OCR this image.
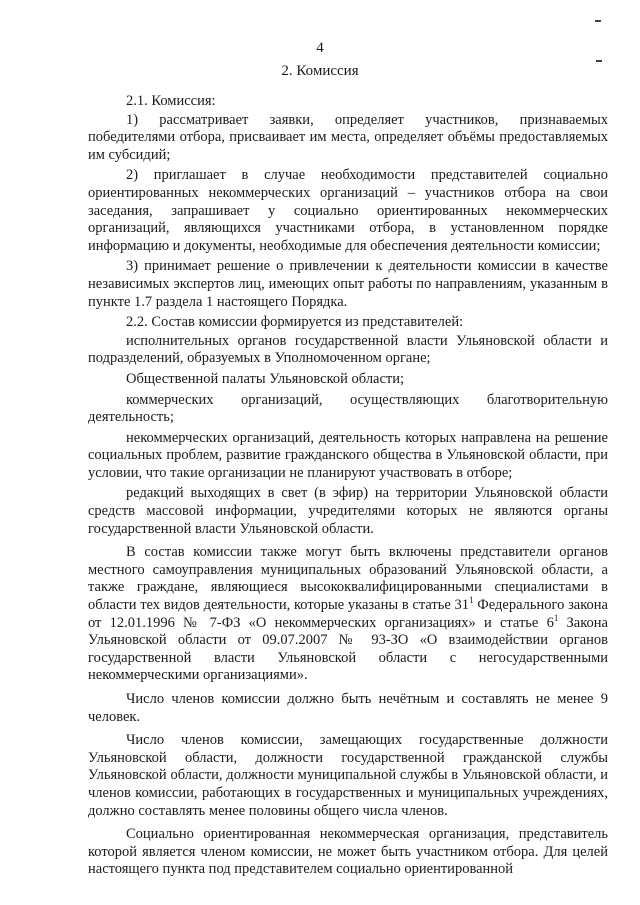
4
2. Комиссия

2.1. Комиссия:

1) рассматривает заявки, определяет участников, признаваемых победителями отбора, присваивает им места, определяет объёмы предоставляемых им субсидий;

2) приглашает в случае необходимости представителей социально ориентированных некоммерческих организаций – участников отбора на свои заседания, запрашивает у социально ориентированных некоммерческих организаций, являющихся участниками отбора, в установленном порядке информацию и документы, необходимые для обеспечения деятельности комиссии;

3) принимает решение о привлечении к деятельности комиссии в качестве независимых экспертов лиц, имеющих опыт работы по направлениям, указанным в пункте 1.7 раздела 1 настоящего Порядка.

2.2. Состав комиссии формируется из представителей:

исполнительных органов государственной власти Ульяновской области и подразделений, образуемых в Уполномоченном органе;

Общественной палаты Ульяновской области;

коммерческих организаций, осуществляющих благотворительную деятельность;

некоммерческих организаций, деятельность которых направлена на решение социальных проблем, развитие гражданского общества в Ульяновской области, при условии, что такие организации не планируют участвовать в отборе;

редакций выходящих в свет (в эфир) на территории Ульяновской области средств массовой информации, учредителями которых не являются органы государственной власти Ульяновской области.

В состав комиссии также могут быть включены представители органов местного самоуправления муниципальных образований Ульяновской области, а также граждане, являющиеся высококвалифицированными специалистами в области тех видов деятельности, которые указаны в статье $31^1$ Федерального закона от 12.01.1996 № 7-ФЗ «О некоммерческих организациях» и статье $6^1$ Закона Ульяновской области от 09.07.2007 № 93-ЗО «О взаимодействии органов государственной власти Ульяновской области с негосударственными некоммерческими организациями».

Число членов комиссии должно быть нечётным и составлять не менее 9 человек.

Число членов комиссии, замещающих государственные должности Ульяновской области, должности государственной гражданской службы Ульяновской области, должности муниципальной службы в Ульяновской области, и членов комиссии, работающих в государственных и муниципальных учреждениях, должно составлять менее половины общего числа членов.

Социально ориентированная некоммерческая организация, представитель которой является членом комиссии, не может быть участником отбора. Для целей настоящего пункта под представителем социально ориентированной
